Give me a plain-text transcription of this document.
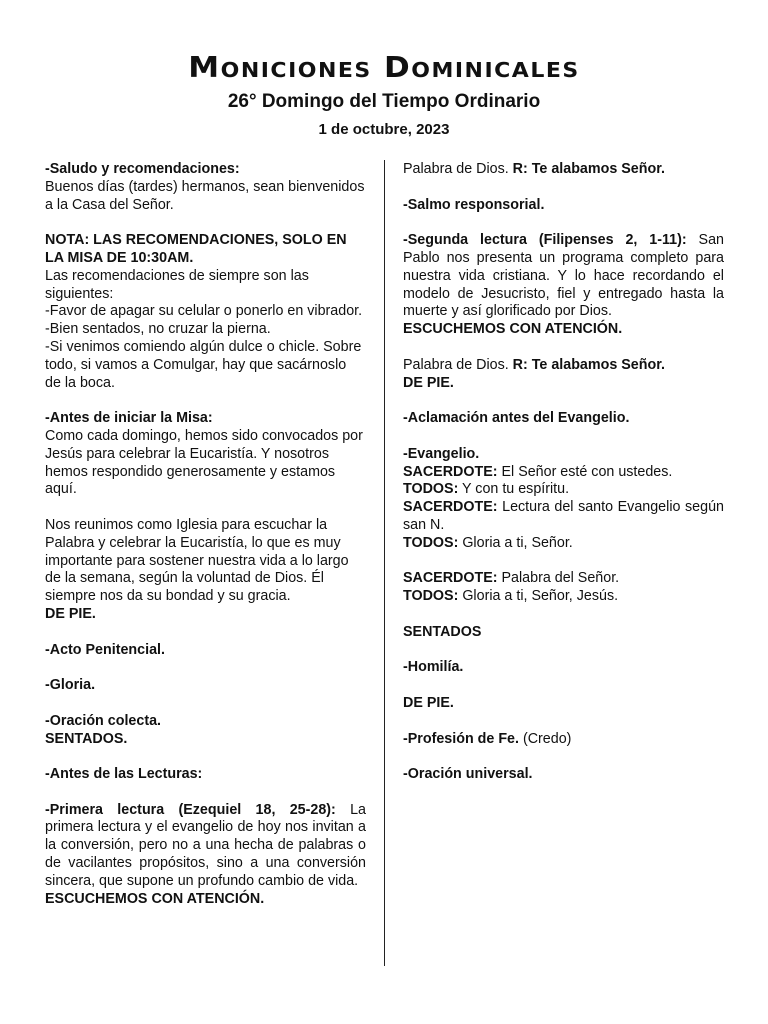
Moniciones Dominicales
26° Domingo del Tiempo Ordinario
1 de octubre, 2023

-Saludo y recomendaciones:
Buenos días (tardes) hermanos, sean bienvenidos a la Casa del Señor.

NOTA: LAS RECOMENDACIONES, SOLO EN LA MISA DE 10:30AM.
Las recomendaciones de siempre son las siguientes:
-Favor de apagar su celular o ponerlo en vibrador.
-Bien sentados, no cruzar la pierna.
-Si venimos comiendo algún dulce o chicle. Sobre todo, si vamos a Comulgar, hay que sacárnoslo de la boca.

-Antes de iniciar la Misa:
Como cada domingo, hemos sido convocados por Jesús para celebrar la Eucaristía. Y nosotros hemos respondido generosamente y estamos aquí.

Nos reunimos como Iglesia para escuchar la Palabra y celebrar la Eucaristía, lo que es muy importante para sostener nuestra vida a lo largo de la semana, según la voluntad de Dios. Él siempre nos da su bondad y su gracia.
DE PIE.

-Acto Penitencial.

-Gloria.

-Oración colecta.
SENTADOS.

-Antes de las Lecturas:

-Primera lectura (Ezequiel 18, 25-28): La primera lectura y el evangelio de hoy nos invitan a la conversión, pero no a una hecha de palabras o de vacilantes propósitos, sino a una conversión sincera, que supone un profundo cambio de vida.
ESCUCHEMOS CON ATENCIÓN.

Palabra de Dios. R: Te alabamos Señor.

-Salmo responsorial.

-Segunda lectura (Filipenses 2, 1-11): San Pablo nos presenta un programa completo para nuestra vida cristiana. Y lo hace recordando el modelo de Jesucristo, fiel y entregado hasta la muerte y así glorificado por Dios.
ESCUCHEMOS CON ATENCIÓN.

Palabra de Dios. R: Te alabamos Señor.
DE PIE.

-Aclamación antes del Evangelio.

-Evangelio.
SACERDOTE: El Señor esté con ustedes.
TODOS: Y con tu espíritu.
SACERDOTE: Lectura del santo Evangelio según san N.
TODOS: Gloria a ti, Señor.

SACERDOTE: Palabra del Señor.
TODOS: Gloria a ti, Señor, Jesús.

SENTADOS

-Homilía.

DE PIE.

-Profesión de Fe. (Credo)

-Oración universal.
